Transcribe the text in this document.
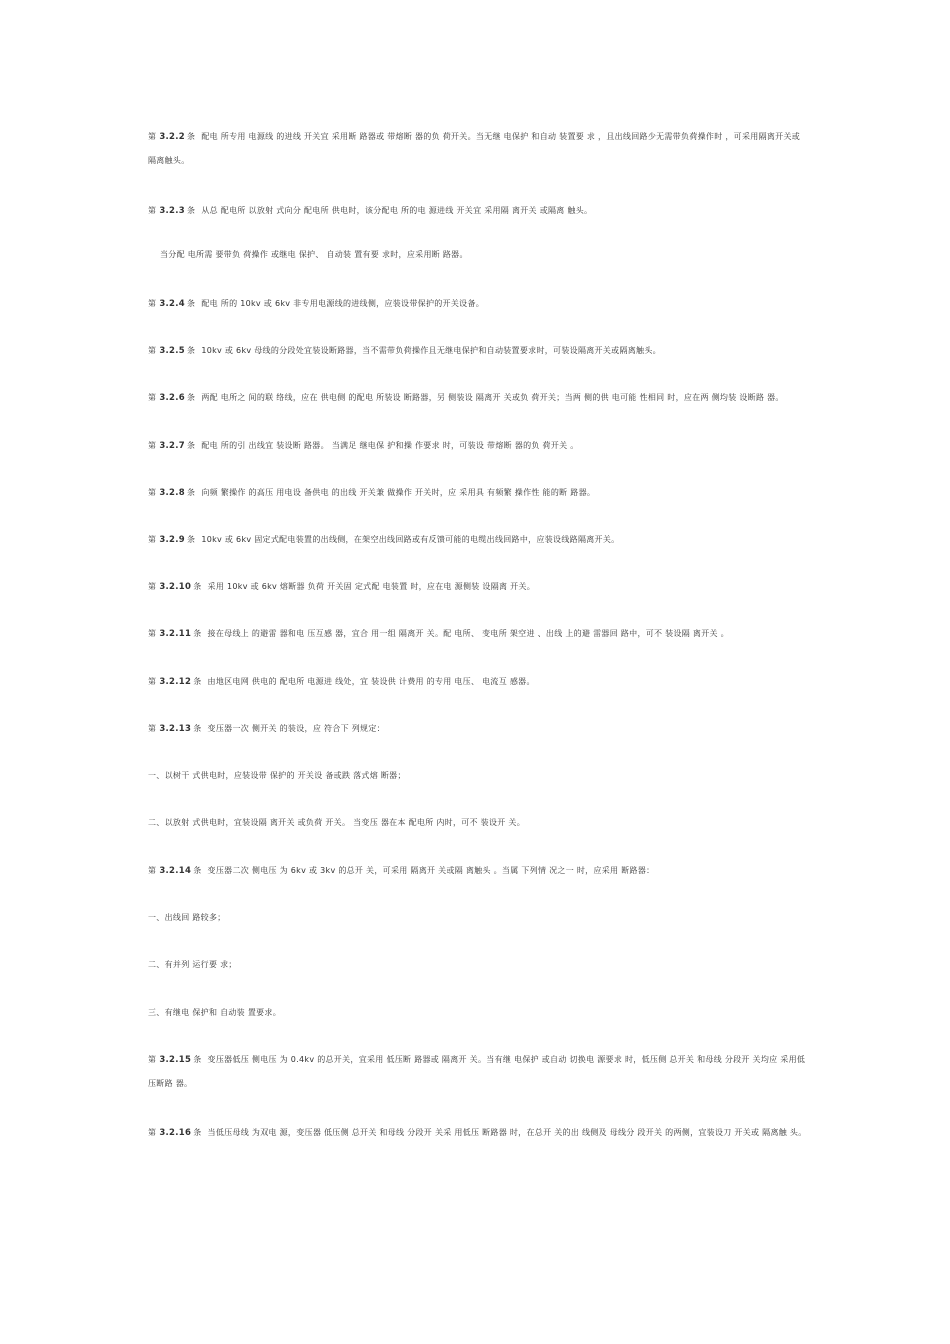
第 3.2.2 条 配电 所专用 电源线 的进线 开关宜 采用断 路器或 带熔断 器的负 荷开关。当无继 电保护 和自动 装置要 求 ，且出线回路少无需带负荷操作时 ，可采用隔离开关或隔离触头。
第 3.2.3 条 从总 配电所 以放射 式向分 配电所 供电时，该分配电 所的电 源进线 开关宜 采用隔 离开关 或隔离 触头。
当分配 电所需 要带负 荷操作 或继电 保护、 自动装 置有要 求时，应采用断 路器。
第 3.2.4 条 配电 所的 10kv 或 6kv 非专用电源线的进线侧，应装设带保护的开关设备。
第 3.2.5 条 10kv 或 6kv 母线的分段处宜装设断路器，当不需带负荷操作且无继电保护和自动装置要求时，可装设隔离开关或隔离触头。
第 3.2.6 条 两配 电所之 间的联 络线，应在 供电侧 的配电 所装设 断路器，另 侧装设 隔离开 关或负 荷开关；当两 侧的供 电可能 性相同 时，应在两 侧均装 设断路 器。
第 3.2.7 条 配电 所的引 出线宜 装设断 路器。 当满足 继电保 护和操 作要求 时，可装设 带熔断 器的负 荷开关 。
第 3.2.8 条 向频 繁操作 的高压 用电设 备供电 的出线 开关兼 做操作 开关时，应 采用具 有频繁 操作性 能的断 路器。
第 3.2.9 条 10kv 或 6kv 固定式配电装置的出线侧，在架空出线回路或有反馈可能的电缆出线回路中，应装设线路隔离开关。
第 3.2.10 条 采用 10kv 或 6kv 熔断器 负荷 开关固 定式配 电装置 时，应在电 源侧装 设隔离 开关。
第 3.2.11 条 接在母线上 的避雷 器和电 压互感 器，宜合 用一组 隔离开 关。配 电所、 变电所 架空进 、出线 上的避 雷器回 路中，可不 装设隔 离开关 。
第 3.2.12 条 由地区电网 供电的 配电所 电源进 线处，宜 装设供 计费用 的专用 电压、 电流互 感器。
第 3.2.13 条 变压器一次 侧开关 的装设，应 符合下 列规定：
一、以树干 式供电时，应装设带 保护的 开关设 备或跌 落式熔 断器；
二、以放射 式供电时，宜装设隔 离开关 或负荷 开关。 当变压 器在本 配电所 内时，可不 装设开 关。
第 3.2.14 条 变压器二次 侧电压 为 6kv 或 3kv 的总开 关，可采用 隔离开 关或隔 离触头 。当属 下列情 况之一 时，应采用 断路器：
一、出线回 路较多；
二、有并列 运行要 求；
三、有继电 保护和 自动装 置要求。
第 3.2.15 条 变压器低压 侧电压 为 0.4kv 的总开关，宜采用 低压断 路器或 隔离开 关。当有继 电保护 或自动 切换电 源要求 时，低压侧 总开关 和母线 分段开 关均应 采用低 压断路 器。
第 3.2.16 条 当低压母线 为双电 源，变压器 低压侧 总开关 和母线 分段开 关采 用低压 断路器 时，在总开 关的出 线侧及 母线分 段开关 的两侧，宜装设刀 开关或 隔离触 头。
